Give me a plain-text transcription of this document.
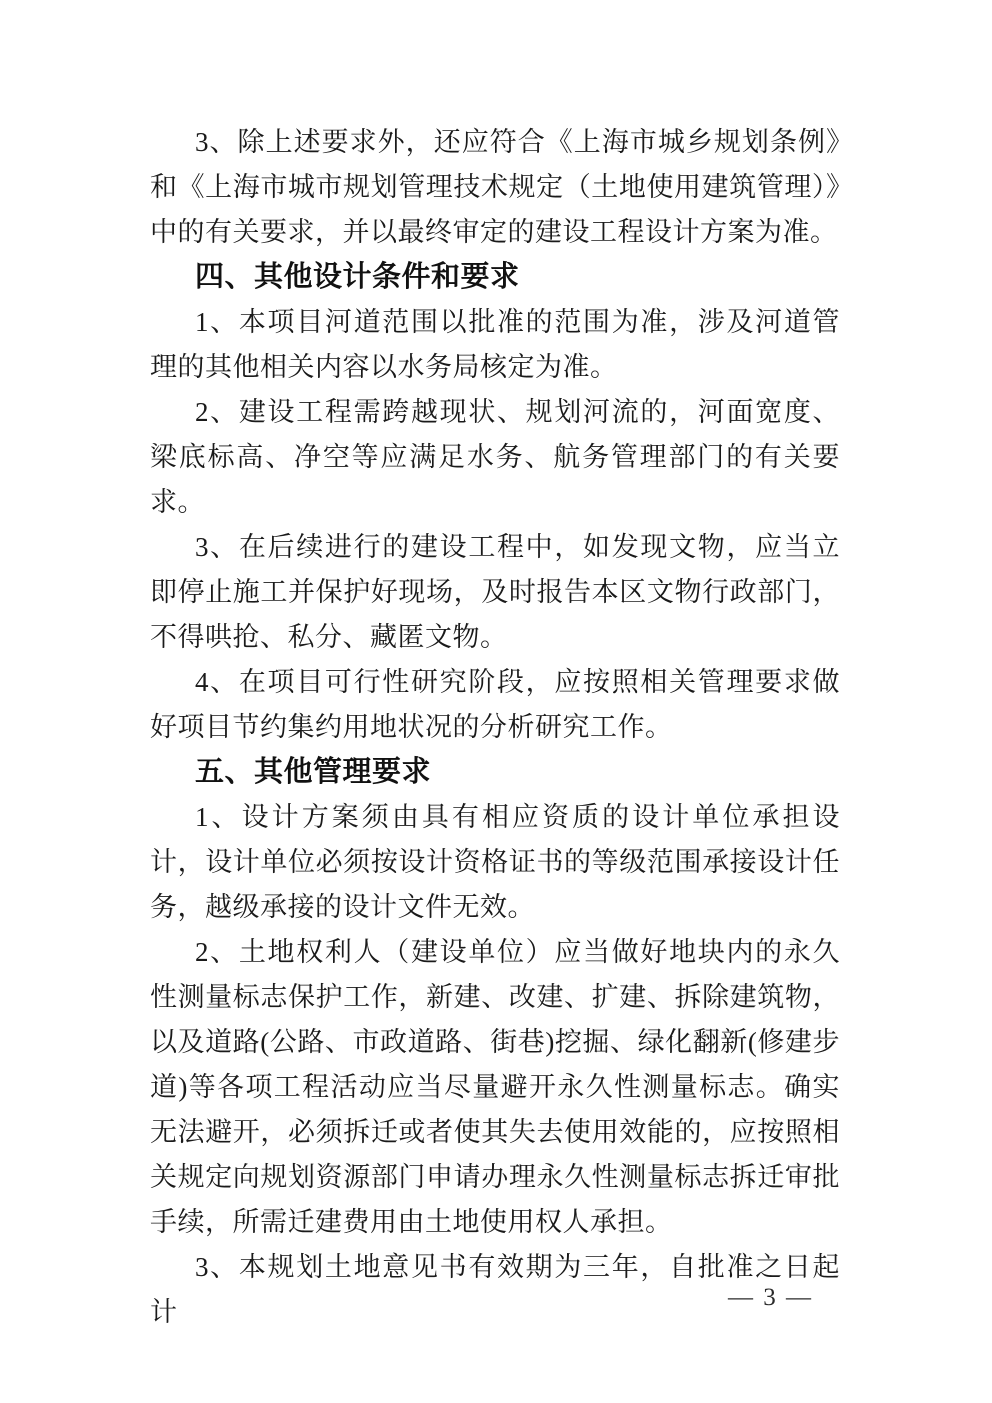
3、除上述要求外，还应符合《上海市城乡规划条例》和《上海市城市规划管理技术规定（土地使用建筑管理）》中的有关要求，并以最终审定的建设工程设计方案为准。

四、其他设计条件和要求

1、本项目河道范围以批准的范围为准，涉及河道管理的其他相关内容以水务局核定为准。

2、建设工程需跨越现状、规划河流的，河面宽度、梁底标高、净空等应满足水务、航务管理部门的有关要求。

3、在后续进行的建设工程中，如发现文物，应当立即停止施工并保护好现场，及时报告本区文物行政部门，不得哄抢、私分、藏匿文物。

4、在项目可行性研究阶段，应按照相关管理要求做好项目节约集约用地状况的分析研究工作。

五、其他管理要求

1、设计方案须由具有相应资质的设计单位承担设计，设计单位必须按设计资格证书的等级范围承接设计任务，越级承接的设计文件无效。

2、土地权利人（建设单位）应当做好地块内的永久性测量标志保护工作，新建、改建、扩建、拆除建筑物，以及道路(公路、市政道路、街巷)挖掘、绿化翻新(修建步道)等各项工程活动应当尽量避开永久性测量标志。确实无法避开，必须拆迁或者使其失去使用效能的，应按照相关规定向规划资源部门申请办理永久性测量标志拆迁审批手续，所需迁建费用由土地使用权人承担。

3、本规划土地意见书有效期为三年，自批准之日起计	— 3 —
